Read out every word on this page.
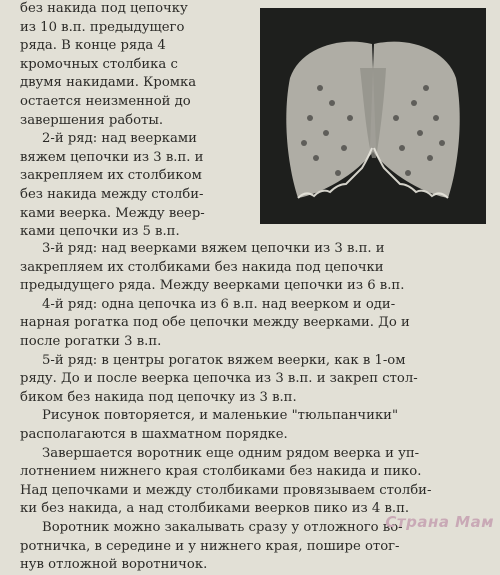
без накида под цепочку
из 10 в.п. предыдущего
ряда. В конце ряда 4
кромочных столбика с
двумя накидами. Кромка
остается неизменной до
завершения работы.
2-й ряд: над веерками
вяжем цепочки из 3 в.п. и
закрепляем их столбиком
без накида между столби-
ками веерка. Между веер-
ками цепочки из 5 в.п.
3-й ряд: над веерками вяжем цепочки из 3 в.п. и
закрепляем их столбиками без накида под цепочки
предыдущего ряда. Между веерками цепочки из 6 в.п.
4-й ряд: одна цепочка из 6 в.п. над веерком и оди-
нарная рогатка под обе цепочки между веерками. До и
после рогатки 3 в.п.
5-й ряд: в центры рогаток вяжем веерки, как в 1-ом
ряду. До и после веерка цепочка из 3 в.п. и закреп стол-
биком без накида под цепочку из 3 в.п.
Рисунок повторяется, и маленькие "тюльпанчики"
располагаются в шахматном порядке.
Завершается воротник еще одним рядом веерка и уп-
лотнением нижнего края столбиками без накида и пико.
Над цепочками и между столбиками провязываем столби-
ки без накида, а над столбиками веерков пико из 4 в.п.
Воротник можно закалывать сразу у отложного во-
ротничка, в середине и у нижнего края, пошире отог-
нув отложной воротничок.
Страна Мам
